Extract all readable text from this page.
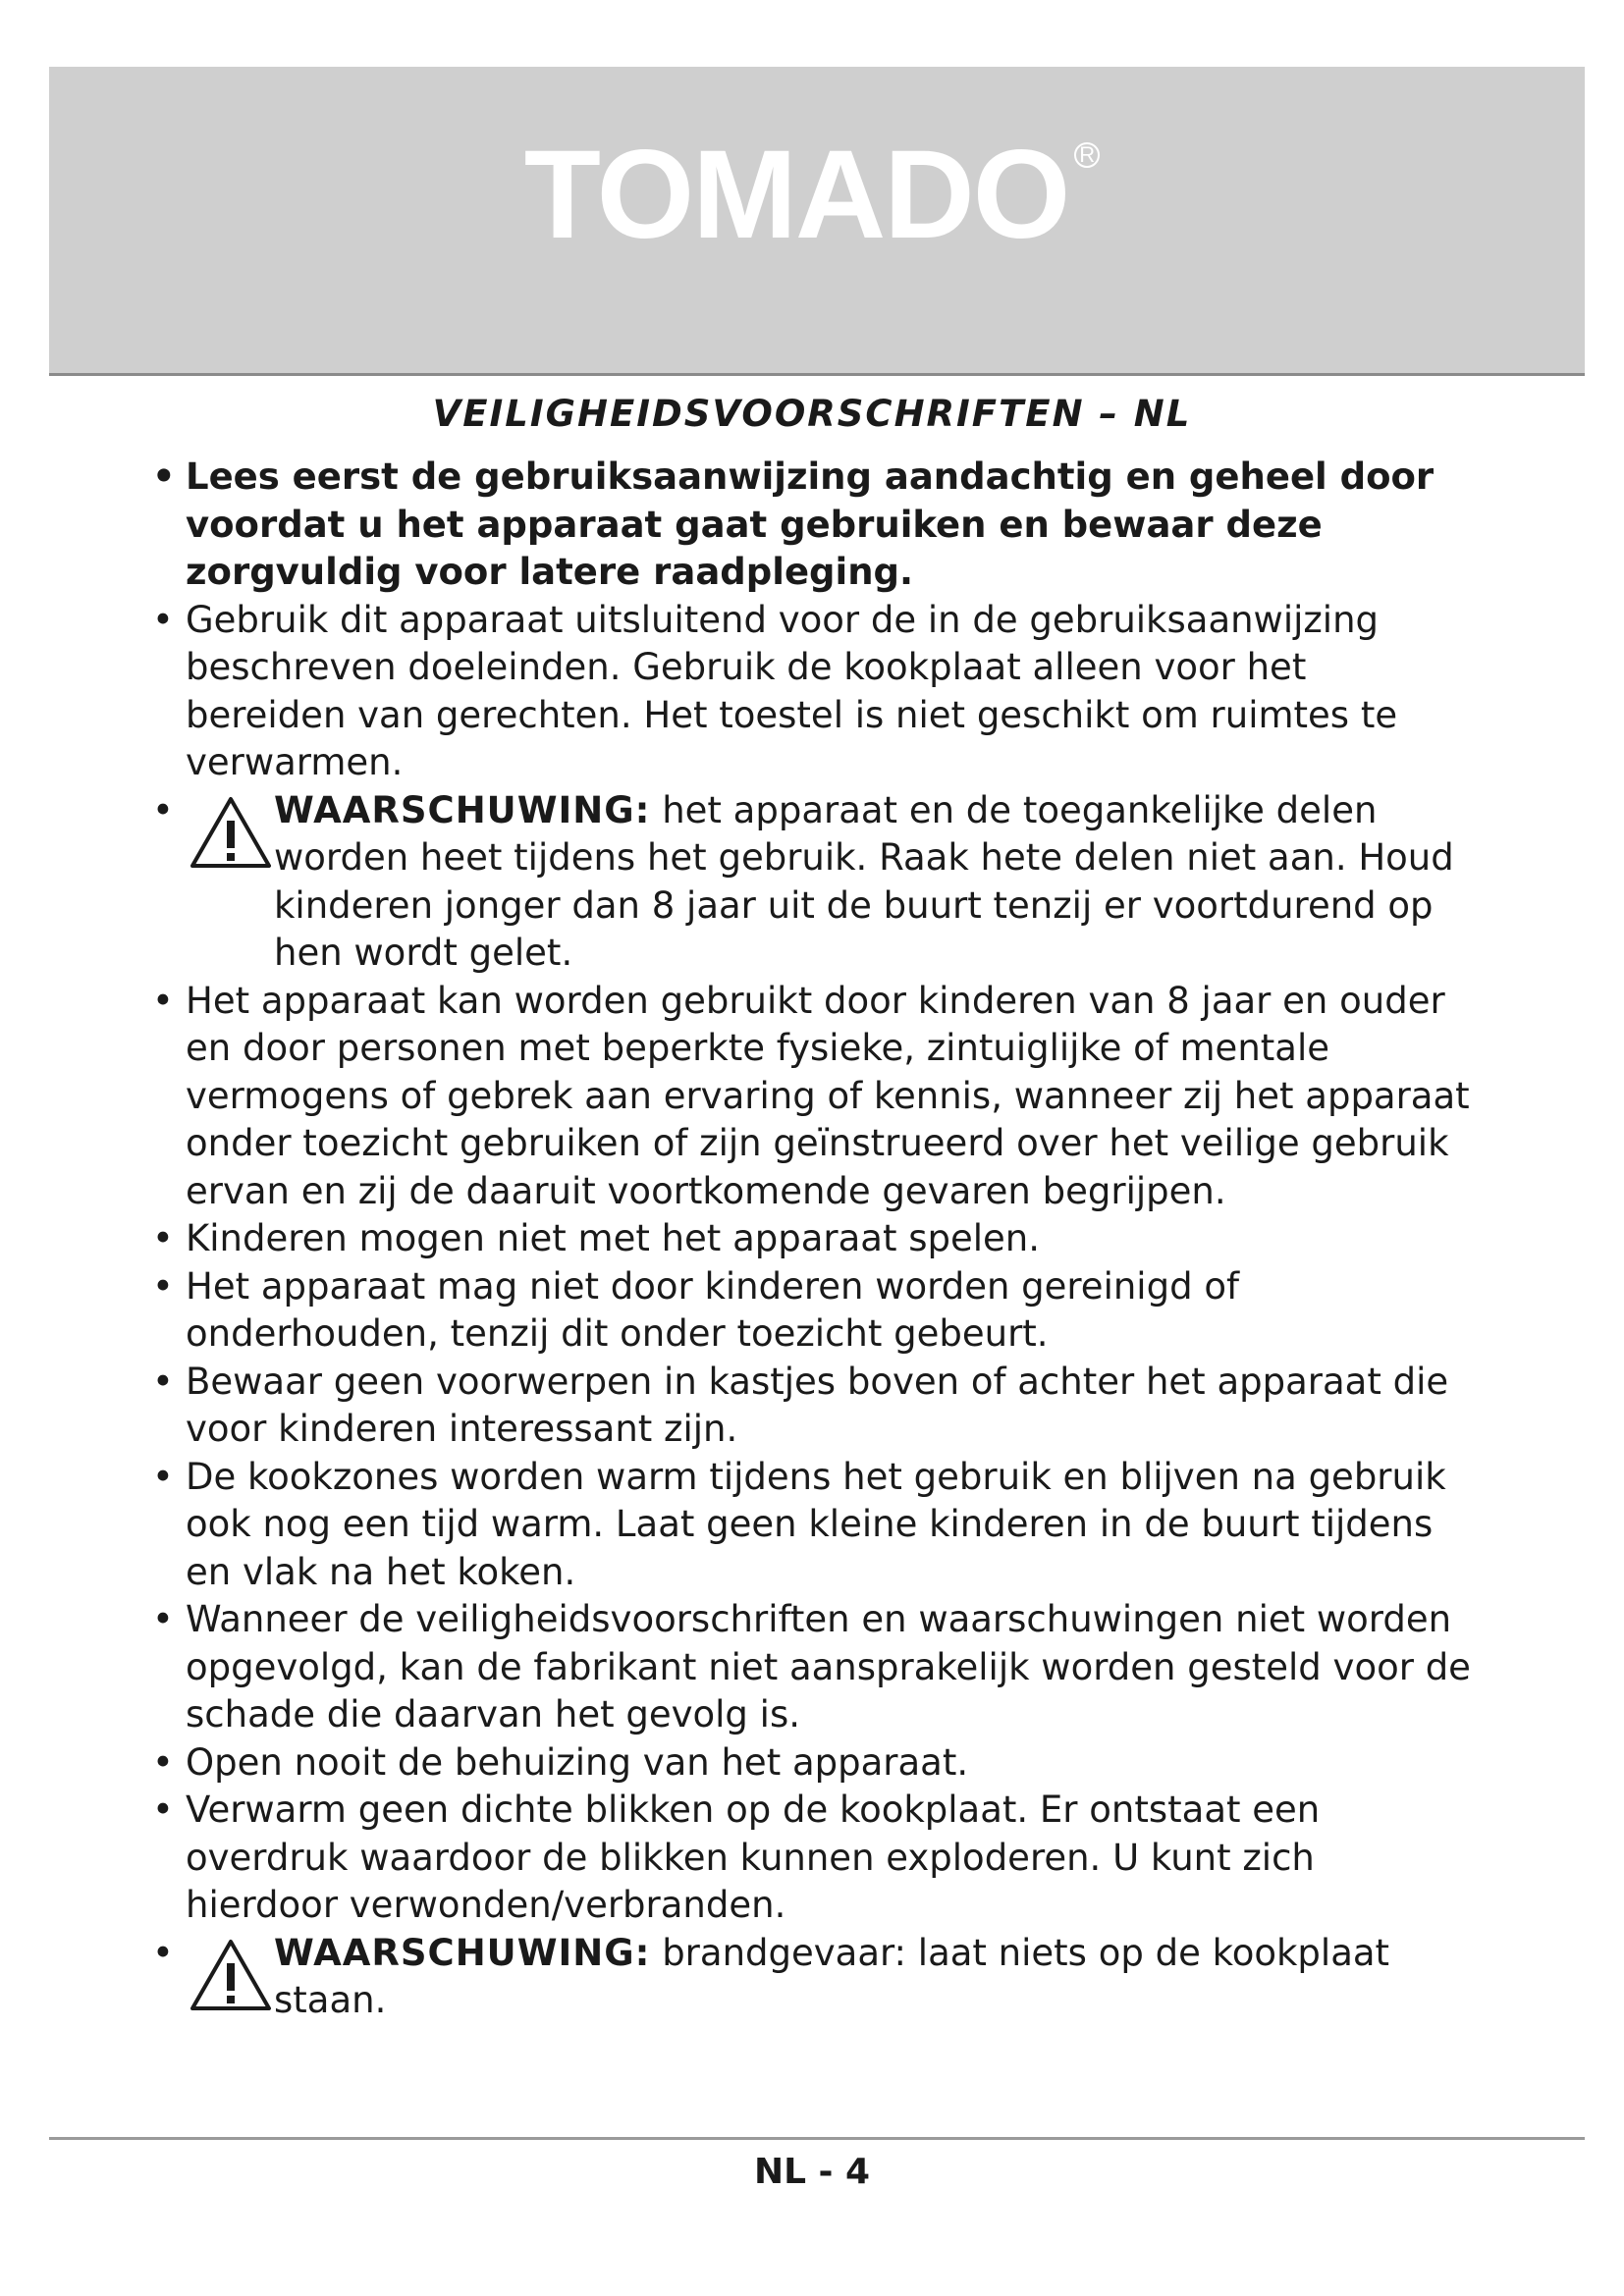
TOMADO R
VEILIGHEIDSVOORSCHRIFTEN – NL
• Lees eerst de gebruiksaanwijzing aandachtig en geheel door voordat u het apparaat gaat gebruiken en bewaar deze zorgvuldig voor latere raadpleging.
• Gebruik dit apparaat uitsluitend voor de in de gebruiksaanwijzing beschreven doeleinden. Gebruik de kookplaat alleen voor het bereiden van gerechten. Het toestel is niet geschikt om ruimtes te verwarmen.
•	WAARSCHUWING: het apparaat en de toegankelijke delen worden heet tijdens het gebruik. Raak hete delen niet aan. Houd kinderen jonger dan 8 jaar uit de buurt tenzij er voortdurend op hen wordt gelet.
• Het apparaat kan worden gebruikt door kinderen van 8 jaar en ouder en door personen met beperkte fysieke, zintuiglijke of mentale vermogens of gebrek aan ervaring of kennis, wanneer zij het apparaat onder toezicht gebruiken of zijn geïnstrueerd over het veilige gebruik ervan en zij de daaruit voortkomende gevaren begrijpen.
• Kinderen mogen niet met het apparaat spelen.
• Het apparaat mag niet door kinderen worden gereinigd of onderhouden, tenzij dit onder toezicht gebeurt.
• Bewaar geen voorwerpen in kastjes boven of achter het apparaat die voor kinderen interessant zijn.
• De kookzones worden warm tijdens het gebruik en blijven na gebruik ook nog een tijd warm. Laat geen kleine kinderen in de buurt tijdens en vlak na het koken.
• Wanneer de veiligheidsvoorschriften en waarschuwingen niet worden opgevolgd, kan de fabrikant niet aansprakelijk worden gesteld voor de schade die daarvan het gevolg is.
• Open nooit de behuizing van het apparaat.
• Verwarm geen dichte blikken op de kookplaat. Er ontstaat een overdruk waardoor de blikken kunnen exploderen. U kunt zich hierdoor verwonden/verbranden.
•	WAARSCHUWING: brandgevaar: laat niets op de kookplaat staan.
NL - 4
